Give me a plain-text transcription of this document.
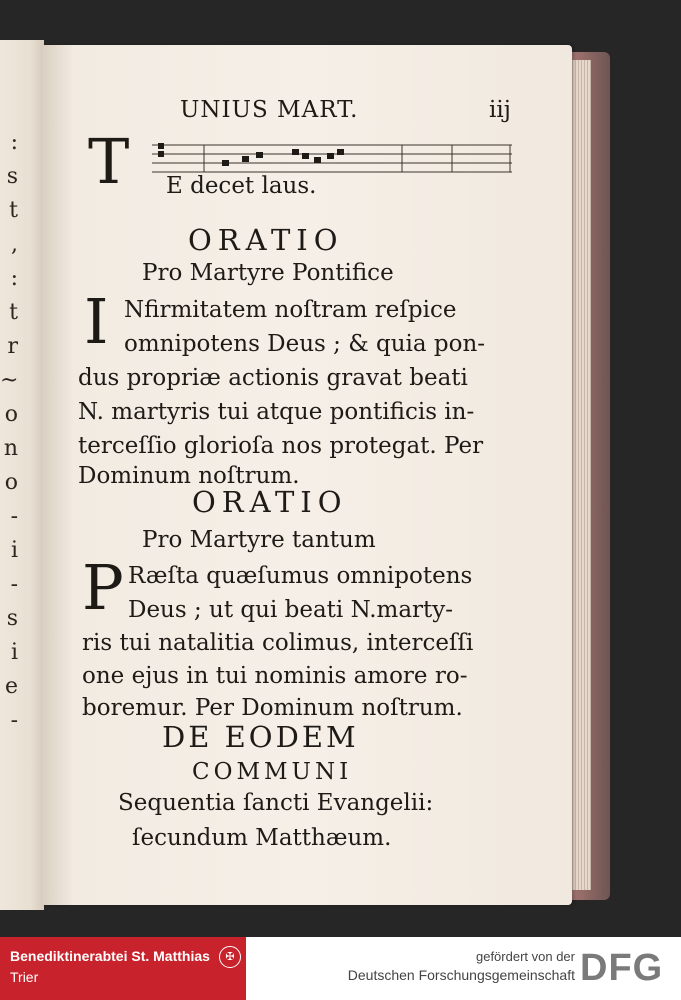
:
s
t
,
:
t
r
~
o
n
o
-
i
-
s
i
e
-
UNIUS MART.	iij
T E decet laus.
ORATIO
Pro Martyre Pontifice
I Nfirmitatem noſtram reſpice
omnipotens Deus ; & quia pon-
dus propriæ actionis gravat beati
N. martyris tui atque pontificis in-
terceſſio glorioſa nos protegat. Per
Dominum noſtrum.
ORATIO
Pro Martyre tantum
P Ræſta quæſumus omnipotens
Deus ; ut qui beati N.marty-
ris tui natalitia colimus, interceſſi
one ejus in tui nominis amore ro-
boremur. Per Dominum noſtrum.
DE EODEM
COMMUNI
Sequentia ſancti Evangelii:
ſecundum Matthæum.
Benediktinerabtei St. Matthias
Trier
✠	gefördert von der
Deutschen Forschungsgemeinschaft DFG
